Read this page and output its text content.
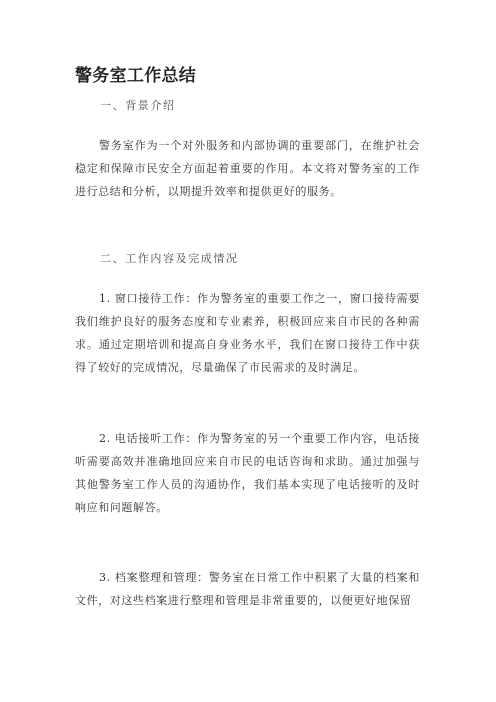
警务室工作总结

一、背景介绍

警务室作为一个对外服务和内部协调的重要部门，在维护社会稳定和保障市民安全方面起着重要的作用。本文将对警务室的工作进行总结和分析，以期提升效率和提供更好的服务。

二、工作内容及完成情况

1. 窗口接待工作：作为警务室的重要工作之一，窗口接待需要我们维护良好的服务态度和专业素养，积极回应来自市民的各种需求。通过定期培训和提高自身业务水平，我们在窗口接待工作中获得了较好的完成情况，尽量确保了市民需求的及时满足。

2. 电话接听工作：作为警务室的另一个重要工作内容，电话接听需要高效并准确地回应来自市民的电话咨询和求助。通过加强与其他警务室工作人员的沟通协作，我们基本实现了电话接听的及时响应和问题解答。

3. 档案整理和管理：警务室在日常工作中积累了大量的档案和文件，对这些档案进行整理和管理是非常重要的，以便更好地保留
